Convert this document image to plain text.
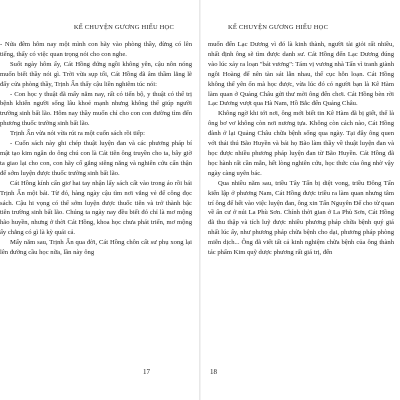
KẾ CHUYỆN GƯƠNG HIẾU HỌC

- Nửa đêm hôm nay một mình con hãy vào phòng thầy, đừng có lên tiếng, thấy có việc quan trọng nói cho con nghe.

Suốt ngày hôm ấy, Cát Hồng đứng ngồi không yên, cậu nôn nóng muốn biết thầy nói gì. Trời vừa sụp tối, Cát Hồng đã âm thầm lẳng lẽ đấy cửa phòng thầy, Trịnh Ẩn thấy cậu liền nghiêm túc nói:

- Con học y thuật đã mấy năm nay, rất có tiến bộ, y thuật có thể trị bệnh khiến người sống lâu khoẻ mạnh nhưng không thể giúp người trường sinh bất lão. Hôm nay thầy muốn chỉ cho con con đường tìm đến phương thuốc trường sinh bất lão.

Trịnh Ẩn vừa nói vừa rút ra một cuốn sách rồi tiếp:

- Cuốn sách này ghi chép thuật luyện đan và các phương pháp bí mật tạo kim ngân do ông chú con là Cát tiên ông truyền cho ta, bây giờ ta giao lại cho con, con hãy cố gắng siêng năng và nghiên cứu cẩn thận để sớm luyện được thuốc trường sinh bất lão.

Cát Hồng kính cẩn giơ hai tay nhận lấy sách cất vào trong áo rồi bái Trịnh Ẩn một bái. Từ đó, hàng ngày cậu tìm nơi vắng vẻ để công đọc sách. Cậu hi vọng có thể sớm luyện được thuốc tiên và trở thành bậc tiên trường sinh bất lão. Chúng ta ngày nay đều biết đó chỉ là mơ mộng hão huyền, nhưng ở thời Cát Hồng, khoa học chưa phát triển, mơ mộng ấy chẳng có gì là kỳ quái cả.

Mấy năm sau, Trịnh Ẩn qua đời, Cát Hồng chôn cất sư phụ xong lại lên đường cầu học nữa, lần này ông

17
KẾ CHUYỆN GƯƠNG HIẾU HỌC

muốn đến Lạc Dương vì đó là kinh thành, người tài giỏi rất nhiều, nhất định ông sẽ tìm được danh sư. Cát Hồng đến Lạc Dương đúng vào lúc xảy ra loạn "bát vương": Tám vị vương nhà Tấn vì tranh giành ngôi Hoàng đế nên tàn sát lẫn nhau, thế cục hỗn loạn. Cát Hồng không thể yên ổn mà học được, vừa lúc đó có người bạn là Kê Hàm làm quan ở Quảng Châu gửi thư mời ông đến chơi. Cát Hồng bèn rời Lạc Dương vượt qua Hà Nam, Hồ Bắc đến Quảng Châu.

Không ngờ khi tới nơi, ông mới biết tin Kê Hàm đã bị giết, thế là ông bơ vơ không còn nơi nương tựa. Không còn cách nào, Cát Hồng đành ở lại Quảng Châu chữa bệnh sống qua ngày. Tại đây ông quen với thái thú Bão Huyền và bái họ Bão làm thầy về thuật luyện đan và học được nhiều phương pháp luyện đan từ Bão Huyền. Cát Hồng đã học hành rất cần mẫn, hết lòng nghiên cứu, học thức của ông nhờ vậy ngày càng uyên bác.

Qua nhiều năm sau, triều Tây Tấn bị diệt vong, triều Đông Tấn kiến lập ở phương Nam, Cát Hồng được triều ra làm quan nhưng tâm trí ông để hết vào việc luyện đan, ông xin Tấn Nguyên Đế cho từ quan về ẩn cư ở núi La Phù Sơn. Chính thời gian ở La Phù Sơn, Cát Hồng đã thu thập và tích luỹ được nhiều phương pháp chữa bệnh quý giá nhất lúc ấy, như phương pháp chữa bệnh cho dại, phương pháp phòng miễn dịch... Ông đã viết tất cả kinh nghiệm chữa bệnh của ông thành tác phẩm Kim quỹ dược phương rất giá trị, đến

18
